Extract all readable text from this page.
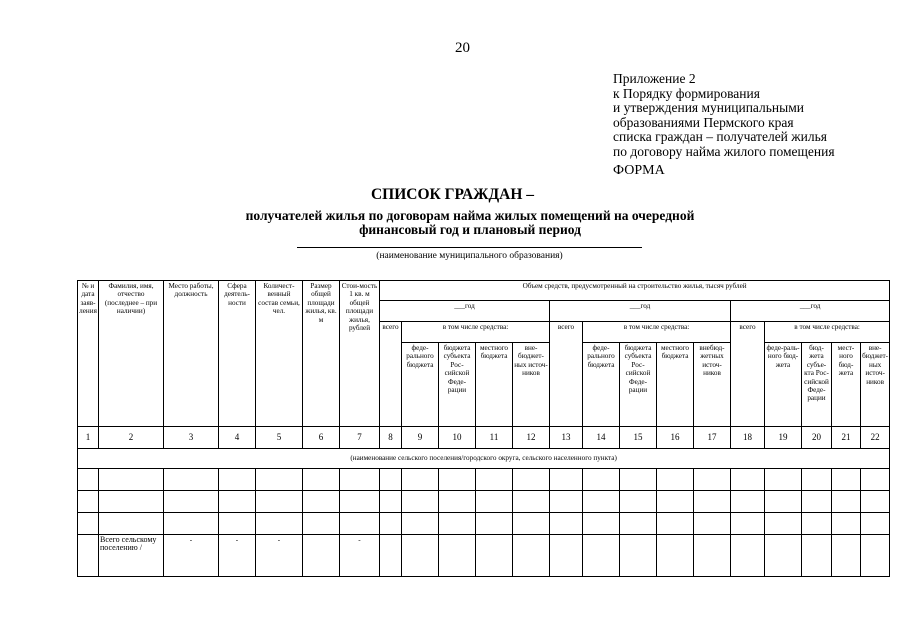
20
Приложение 2
к Порядку формирования
и утверждения муниципальными
образованиями Пермского края
списка граждан – получателей жилья
по договору найма жилого помещения
ФОРМА
СПИСОК ГРАЖДАН –
получателей жилья по договорам найма жилых помещений на очередной
финансовый год и плановый период
(наименование муниципального образования)
№ и дата заяв-ления	Фамилия, имя, отчество (последнее – при наличии)	Место работы, должность	Сфера деятель-ности	Количест-венный состав семьи, чел.	Размер общей площади жилья, кв. м	Стои-мость 1 кв. м общей площади жилья, рублей	Объем средств, предусмотренный на строительство жилья, тысяч рублей														
							___год					___год					___год				
							всего	в том числе средства:				всего	в том числе средства:				всего	в том числе средства:			
								феде-рального бюджета	бюджета субъекта Рос-сийской Феде-рации	местного бюджета	вне-бюджет-ных источ-ников		феде-рального бюджета	бюджета субъекта Рос-сийской Феде-рации	местного бюджета	внебюд-жетных источ-ников		феде-раль-ного бюд-жета	бюд-жета субъе-кта Рос-сийской Феде-рации	мест-ного бюд-жета	вне-бюджет-ных источ-ников
1	2	3	4	5	6	7	8	9	10	11	12	13	14	15	16	17	18	19	20	21	22
(наименование сельского поселения/городского округа, сельского населенного пункта)																					

	Всего сельскому поселению /	-	-	-		-															
